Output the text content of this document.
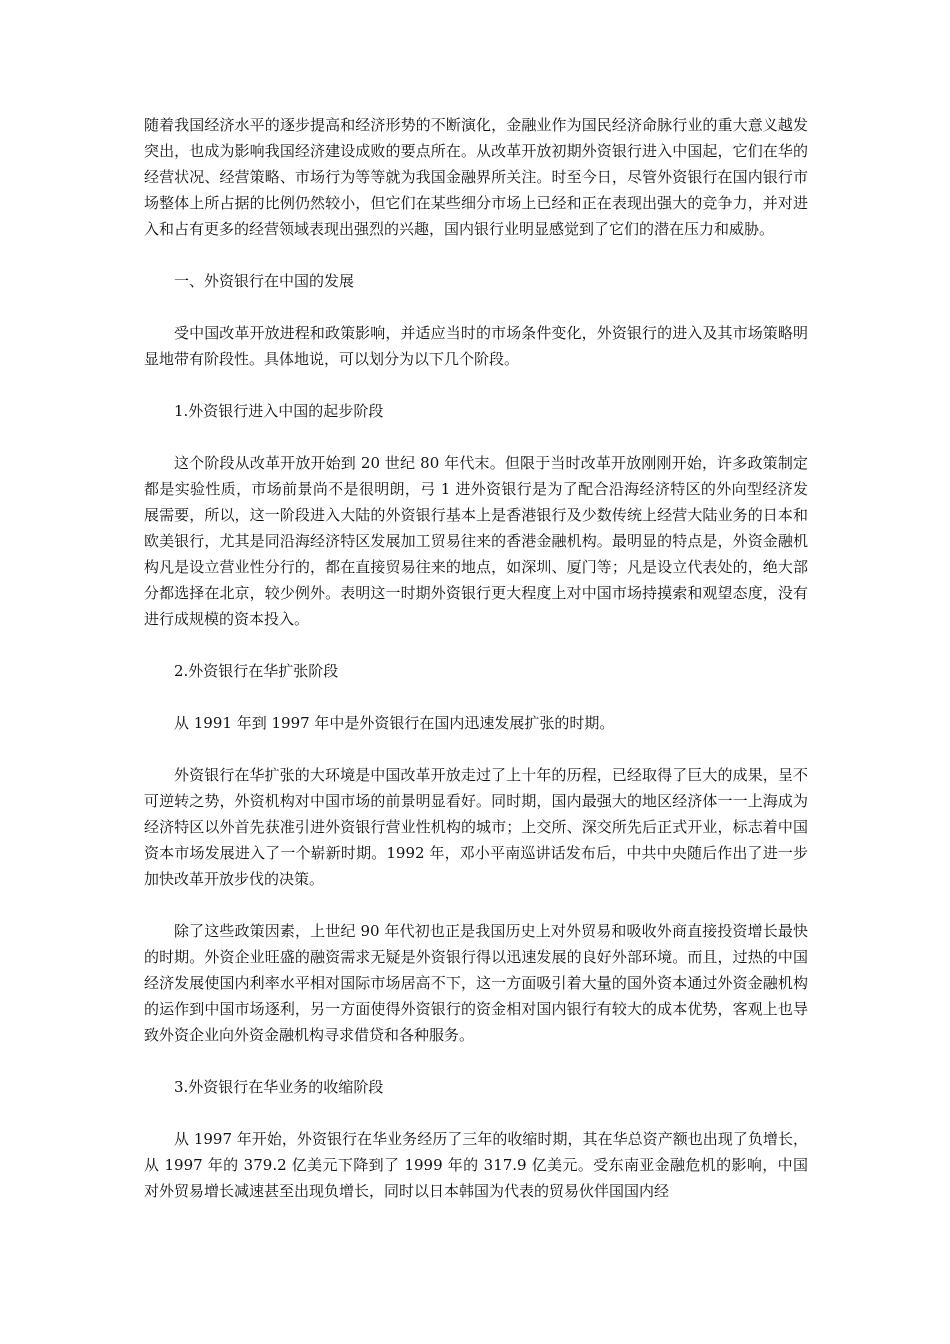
随着我国经济水平的逐步提高和经济形势的不断演化，金融业作为国民经济命脉行业的重大意义越发突出，也成为影响我国经济建设成败的要点所在。从改革开放初期外资银行进入中国起，它们在华的经营状况、经营策略、市场行为等等就为我国金融界所关注。时至今日，尽管外资银行在国内银行市场整体上所占据的比例仍然较小，但它们在某些细分市场上已经和正在表现出强大的竞争力，并对进入和占有更多的经营领域表现出强烈的兴趣，国内银行业明显感觉到了它们的潜在压力和威胁。

一、外资银行在中国的发展

受中国改革开放进程和政策影响，并适应当时的市场条件变化，外资银行的进入及其市场策略明显地带有阶段性。具体地说，可以划分为以下几个阶段。

1.外资银行进入中国的起步阶段

这个阶段从改革开放开始到 20 世纪 80 年代末。但限于当时改革开放刚刚开始，许多政策制定都是实验性质，市场前景尚不是很明朗，弓 1 进外资银行是为了配合沿海经济特区的外向型经济发展需要，所以，这一阶段进入大陆的外资银行基本上是香港银行及少数传统上经营大陆业务的日本和欧美银行，尤其是同沿海经济特区发展加工贸易往来的香港金融机构。最明显的特点是，外资金融机构凡是设立营业性分行的，都在直接贸易往来的地点，如深圳、厦门等；凡是设立代表处的，绝大部分都选择在北京，较少例外。表明这一时期外资银行更大程度上对中国市场持摸索和观望态度，没有进行成规模的资本投入。

2.外资银行在华扩张阶段

从 1991 年到 1997 年中是外资银行在国内迅速发展扩张的时期。

外资银行在华扩张的大环境是中国改革开放走过了上十年的历程，已经取得了巨大的成果，呈不可逆转之势，外资机构对中国市场的前景明显看好。同时期，国内最强大的地区经济体一一上海成为经济特区以外首先获准引进外资银行营业性机构的城市；上交所、深交所先后正式开业，标志着中国资本市场发展进入了一个崭新时期。1992 年，邓小平南巡讲话发布后，中共中央随后作出了进一步加快改革开放步伐的决策。

除了这些政策因素，上世纪 90 年代初也正是我国历史上对外贸易和吸收外商直接投资增长最快的时期。外资企业旺盛的融资需求无疑是外资银行得以迅速发展的良好外部环境。而且，过热的中国经济发展使国内利率水平相对国际市场居高不下，这一方面吸引着大量的国外资本通过外资金融机构的运作到中国市场逐利，另一方面使得外资银行的资金相对国内银行有较大的成本优势，客观上也导致外资企业向外资金融机构寻求借贷和各种服务。

3.外资银行在华业务的收缩阶段

从 1997 年开始，外资银行在华业务经历了三年的收缩时期，其在华总资产额也出现了负增长，从 1997 年的 379.2 亿美元下降到了 1999 年的 317.9 亿美元。受东南亚金融危机的影响，中国对外贸易增长减速甚至出现负增长，同时以日本韩国为代表的贸易伙伴国国内经
